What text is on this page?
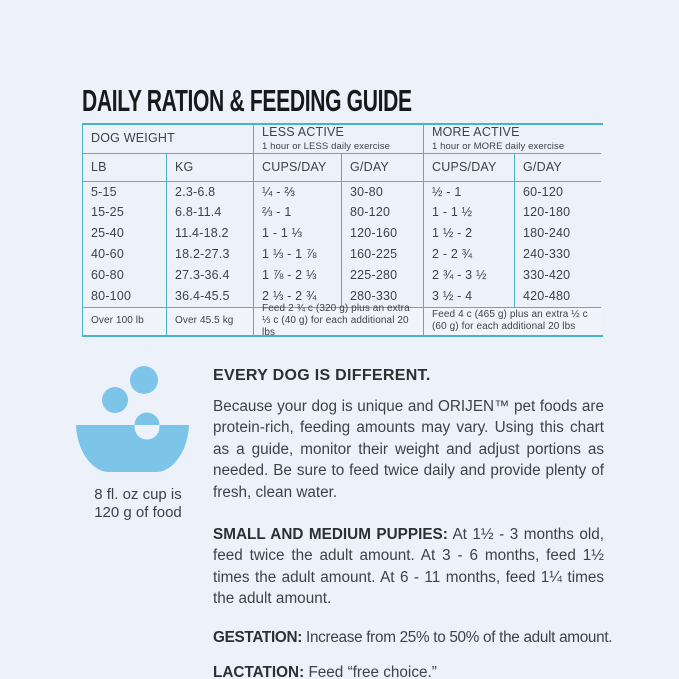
DAILY RATION & FEEDING GUIDE
DOG WEIGHT	LESS ACTIVE
1 hour or LESS daily exercise
MORE ACTIVE
1 hour or MORE daily exercise
LB	KG	CUPS/DAY	G/DAY	CUPS/DAY	G/DAY
5-15	2.3-6.8	¼ - ⅔	30-80	½ - 1	60-120
15-25	6.8-11.4	⅔ - 1	80-120	1 - 1 ½	120-180
25-40	11.4-18.2	1 - 1 ⅓	120-160	1 ½ - 2	180-240
40-60	18.2-27.3	1 ⅓ - 1 ⅞	160-225	2 - 2 ¾	240-330
60-80	27.3-36.4	1 ⅞ - 2 ⅓	225-280	2 ¾ - 3 ½	330-420
80-100	36.4-45.5	2 ⅓ - 2 ¾	280-330	3 ½ - 4	420-480
Over 100 lb	Over 45.5 kg
Feed 2 ¾ c (320 g) plus an extra ⅓ c (40 g) for each additional 20 lbs
Feed 4 c (465 g) plus an extra ½ c (60 g) for each additional 20 lbs
8 fl. oz cup is
120 g of food
EVERY DOG IS DIFFERENT.

Because your dog is unique and ORIJEN™ pet foods are protein-rich, feeding amounts may vary. Using this chart as a guide, monitor their weight and adjust portions as needed. Be sure to feed twice daily and provide plenty of fresh, clean water.

SMALL AND MEDIUM PUPPIES: At 1½ - 3 months old, feed twice the adult amount. At 3 - 6 months, feed 1½ times the adult amount. At 6 - 11 months, feed 1¼ times the adult amount.

GESTATION: Increase from 25% to 50% of the adult amount.

LACTATION: Feed “free choice.”
